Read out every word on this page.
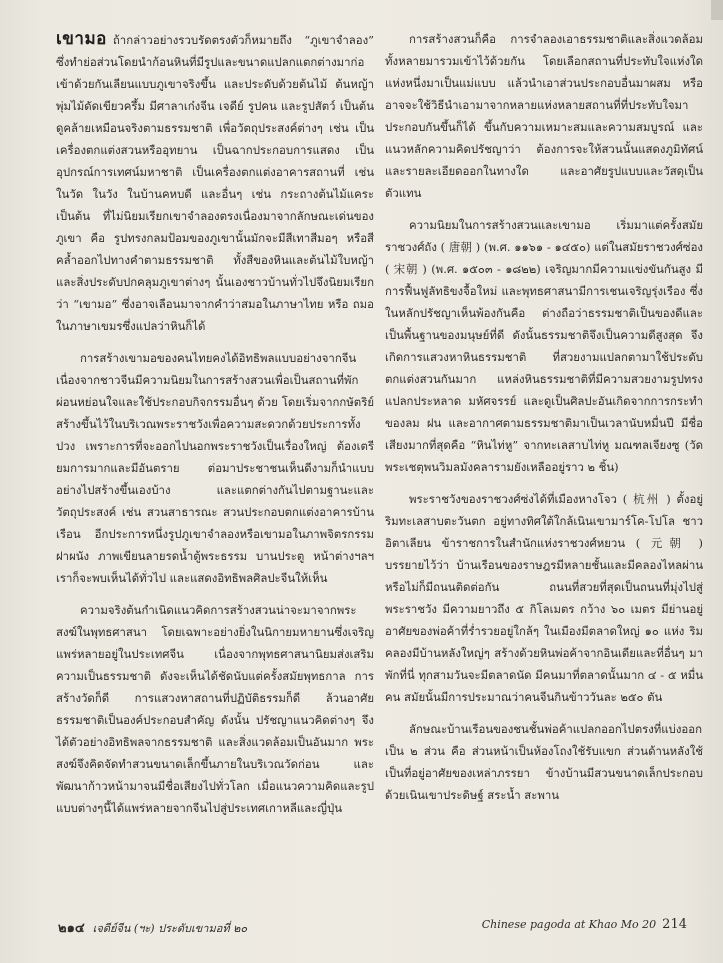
เขามอ ถ้ากล่าวอย่างรวบรัดตรงตัวก็หมายถึง “ภูเขาจำลอง” ซึ่งทำย่อส่วนโดยนำก้อนหินที่มีรูปและขนาดแปลกแตกต่างมาก่อเข้าด้วยกันเลียนแบบภูเขาจริงขึ้น และประดับด้วยต้นไม้ ต้นหญ้า พุ่มไม้ดัดเขียวครึ้ม มีศาลาเก๋งจีน เจดีย์ รูปคน และรูปสัตว์ เป็นต้น ดูคล้ายเหมือนจริงตามธรรมชาติ เพื่อวัตถุประสงค์ต่างๆ เช่น เป็นเครื่องตกแต่งสวนหรืออุทยาน เป็นฉากประกอบการแสดง เป็นอุปกรณ์การเทศน์มหาชาติ เป็นเครื่องตกแต่งอาคารสถานที่ เช่น ในวัด ในวัง ในบ้านคหบดี และอื่นๆ เช่น กระถางต้นไม้แคระเป็นต้น ที่ไม่นิยมเรียกเขาจำลองตรงเนื่องมาจากลักษณะเด่นของภูเขา คือ รูปทรงกลมป้อมของภูเขานั้นมักจะมีสีเทาสีมอๆ หรือสีคล้ำออกไปทางคำตามธรรมชาติ ทั้งสีของหินและต้นไม้ใบหญ้า และสิ่งประดับปกคลุมภูเขาต่างๆ นั้นเองชาวบ้านทั่วไปจึงนิยมเรียกว่า “เขามอ” ซึ่งอาจเลือนมาจากคำว่าสมอในภาษาไทย หรือ ถมอในภาษาเขมรซึ่งแปลว่าหินก็ได้

การสร้างเขามอของคนไทยคงได้อิทธิพลแบบอย่างจากจีน เนื่องจากชาวจีนมีความนิยมในการสร้างสวนเพื่อเป็นสถานที่พักผ่อนหย่อนใจและใช้ประกอบกิจกรรมอื่นๆ ด้วย โดยเริ่มจากกษัตริย์สร้างขึ้นไว้ในบริเวณพระราชวังเพื่อความสะดวกด้วยประการทั้งปวง เพราะการที่จะออกไปนอกพระราชวังเป็นเรื่องใหญ่ ต้องเตรียมการมากและมีอันตราย ต่อมาประชาชนเห็นดีงามก็นำแบบอย่างไปสร้างขึ้นเองบ้าง และแตกต่างกันไปตามฐานะและวัตถุประสงค์ เช่น สวนสาธารณะ สวนประกอบตกแต่งอาคารบ้านเรือน อีกประการหนึ่งรูปภูเขาจำลองหรือเขามอในภาพจิตรกรรมฝาผนัง ภาพเขียนลายรดน้ำตู้พระธรรม บานประตู หน้าต่างฯลฯ เราก็จะพบเห็นได้ทั่วไป และแสดงอิทธิพลศิลปะจีนให้เห็น

ความจริงต้นกำเนิดแนวคิดการสร้างสวนน่าจะมาจากพระสงฆ์ในพุทธศาสนา โดยเฉพาะอย่างยิ่งในนิกายมหายานซึ่งเจริญแพร่หลายอยู่ในประเทศจีน เนื่องจากพุทธศาสนานิยมส่งเสริมความเป็นธรรมชาติ ดังจะเห็นได้ชัดนับแต่ครั้งสมัยพุทธกาล การสร้างวัดก็ดี การแสวงหาสถานที่ปฏิบัติธรรมก็ดี ล้วนอาศัยธรรมชาติเป็นองค์ประกอบสำคัญ ดังนั้น ปรัชญาแนวคิดต่างๆ จึงได้ตัวอย่างอิทธิพลจากธรรมชาติ และสิ่งแวดล้อมเป็นอันมาก พระสงฆ์จึงคิดจัดทำสวนขนาดเล็กขึ้นภายในบริเวณวัดก่อน และพัฒนาก้าวหน้ามาจนมีชื่อเสียงไปทั่วโลก เมื่อแนวความคิดและรูปแบบต่างๆนี้ได้แพร่หลายจากจีนไปสู่ประเทศเกาหลีและญี่ปุ่น

การสร้างสวนก็คือ การจำลองเอาธรรมชาติและสิ่งแวดล้อมทั้งหลายมารวมเข้าไว้ด้วยกัน โดยเลือกสถานที่ประทับใจแห่งใดแห่งหนึ่งมาเป็นแม่แบบ แล้วนำเอาส่วนประกอบอื่นมาผสม หรืออาจจะใช้วิธีนำเอามาจากหลายแห่งหลายสถานที่ที่ประทับใจมาประกอบกันขึ้นก็ได้ ขึ้นกับความเหมาะสมและความสมบูรณ์ และแนวหลักความคิดปรัชญาว่า ต้องการจะให้สวนนั้นแสดงภูมิทัศน์และรายละเอียดออกในทางใด และอาศัยรูปแบบและวัสดุเป็นตัวแทน

ความนิยมในการสร้างสวนและเขามอ เริ่มมาแต่ครั้งสมัยราชวงศ์ถัง ( 唐朝 ) (พ.ศ. ๑๑๖๑ - ๑๔๕๐) แต่ในสมัยราชวงศ์ซ่อง ( 宋朝 ) (พ.ศ. ๑๕๐๓ - ๑๘๒๒) เจริญมากมีความแข่งขันกันสูง มีการฟื้นฟูลัทธิขงจื้อใหม่ และพุทธศาสนามีการเชนเจริญรุ่งเรือง ซึ่งในหลักปรัชญาเห็นพ้องกันคือ ต่างถือว่าธรรมชาติเป็นของดีและเป็นพื้นฐานของมนุษย์ที่ดี ดังนั้นธรรมชาติจึงเป็นความดีสูงสุด จึงเกิดการแสวงหาหินธรรมชาติ ที่สวยงามแปลกตามาใช้ประดับตกแต่งสวนกันมาก แหล่งหินธรรมชาติที่มีความสวยงามรูปทรงแปลกประหลาด มหัศจรรย์ และดูเป็นศิลปะอันเกิดจากการกระทำของลม ฝน และอากาศตามธรรมชาติมาเป็นเวลานับหมื่นปี มีชื่อเสียงมากที่สุดคือ “หินไท่หู” จากทะเลสาบไท่หู มณฑลเจียงซู (วัดพระเชตุพนวิมลมังคลารามยังเหลืออยู่ราว ๒ ชิ้น)

พระราชวังของราชวงศ์ซ่งได้ที่เมืองหางโจว ( 杭州 ) ตั้งอยู่ริมทะเลสาบตะวันตก อยู่ทางทิศใต้ใกล้เนินเขามาร์โค-โปโล ชาวอิตาเลียน ข้าราชการในสำนักแห่งราชวงศ์หยวน ( 元朝 ) บรรยายไว้ว่า บ้านเรือนของราษฎรมีหลายชั้นและมีคลองไหลผ่าน หรือไม่ก็มีถนนติดต่อกัน ถนนที่สวยที่สุดเป็นถนนที่มุ่งไปสู่พระราชวัง มีความยาวถึง ๕ กิโลเมตร กว้าง ๖๐ เมตร มีย่านอยู่อาศัยของพ่อค้าที่ร่ำรวยอยู่ใกล้ๆ ในเมืองมีตลาดใหญ่ ๑๐ แห่ง ริมคลองมีบ้านหลังใหญ่ๆ สร้างด้วยหินพ่อค้าจากอินเดียและที่อื่นๆ มาพักที่นี่ ทุกสามวันจะมีตลาดนัด มีคนมาที่ตลาดนั้นมาก ๔ - ๕ หมื่นคน สมัยนั้นมีการประมาณว่าคนจีนกินข้าววันละ ๒๕๐ ตัน

ลักษณะบ้านเรือนของชนชั้นพ่อค้าแปลกออกไปตรงที่แบ่งออกเป็น ๒ ส่วน คือ ส่วนหน้าเป็นห้องโถงใช้รับแขก ส่วนด้านหลังใช้เป็นที่อยู่อาศัยของเหล่าภรรยา ข้างบ้านมีสวนขนาดเล็กประกอบด้วยเนินเขาประดิษฐ์ สระน้ำ สะพาน

๒๑๔ เจดีย์จีน (ฯะ) ประดับเขามอที่ ๒๐	Chinese pagoda at Khao Mo 20 214
